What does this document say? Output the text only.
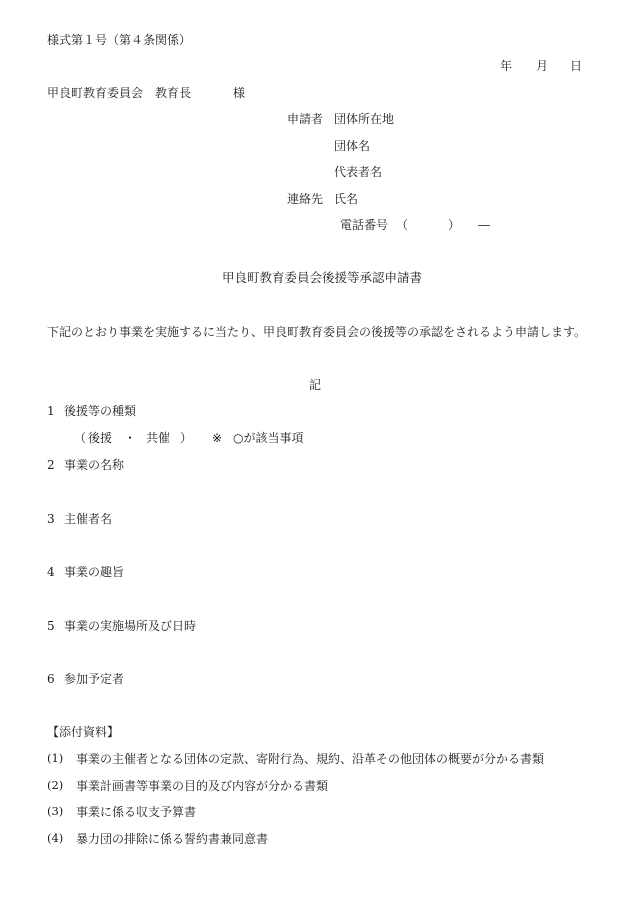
様式第１号（第４条関係）
年 月 日
甲良町教育委員会　教育長	様
申請者 団体所在地
団体名
代表者名
連絡先 氏名
電話番号 （	） ―
甲良町教育委員会後援等承認申請書
下記のとおり事業を実施するに当たり、甲良町教育委員会の後援等の承認をされるよう申請します。
記
1 後援等の種類
（ 後援 ・ 共催 ） ※ ○が該当事項
2 事業の名称
3 主催者名
4 事業の趣旨
5 事業の実施場所及び日時
6 参加予定者
【添付資料】
(1) 事業の主催者となる団体の定款、寄附行為、規約、沿革その他団体の概要が分かる書類
(2) 事業計画書等事業の目的及び内容が分かる書類
(3) 事業に係る収支予算書
(4) 暴力団の排除に係る誓約書兼同意書
